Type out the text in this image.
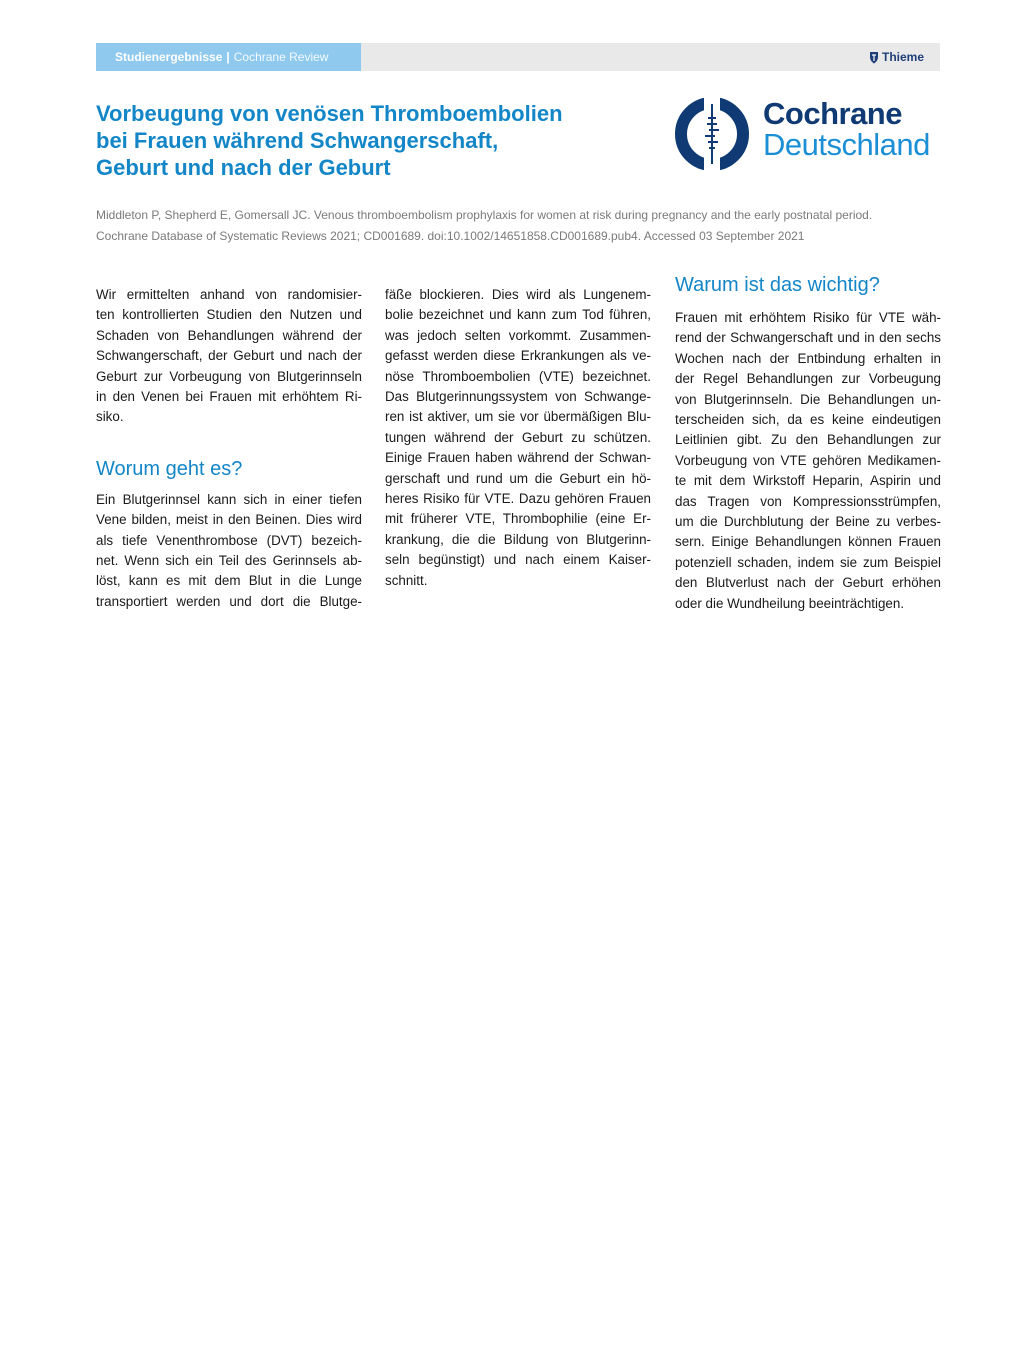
Studienergebnisse | Cochrane Review	Thieme
Vorbeugung von venösen Thromboembolien
bei Frauen während Schwangerschaft,
Geburt und nach der Geburt
Cochrane
Deutschland
Middleton P, Shepherd E, Gomersall JC. Venous thromboembolism prophylaxis for women at risk during pregnancy and the early postnatal period.
Cochrane Database of Systematic Reviews 2021; CD001689. doi:10.1002/14651858.CD001689.pub4. Accessed 03 September 2021
Wir ermittelten anhand von randomisier-
ten kontrollierten Studien den Nutzen und
Schaden von Behandlungen während der
Schwangerschaft, der Geburt und nach der
Geburt zur Vorbeugung von Blutgerinnseln
in den Venen bei Frauen mit erhöhtem Ri-
siko.
Worum geht es?
Ein Blutgerinnsel kann sich in einer tiefen
Vene bilden, meist in den Beinen. Dies wird
als tiefe Venenthrombose (DVT) bezeich-
net. Wenn sich ein Teil des Gerinnsels ab-
löst, kann es mit dem Blut in die Lunge
transportiert werden und dort die Blutge-
fäße blockieren. Dies wird als Lungenem-
bolie bezeichnet und kann zum Tod führen,
was jedoch selten vorkommt. Zusammen-
gefasst werden diese Erkrankungen als ve-
nöse Thromboembolien (VTE) bezeichnet.
Das Blutgerinnungssystem von Schwange-
ren ist aktiver, um sie vor übermäßigen Blu-
tungen während der Geburt zu schützen.
Einige Frauen haben während der Schwan-
gerschaft und rund um die Geburt ein hö-
heres Risiko für VTE. Dazu gehören Frauen
mit früherer VTE, Thrombophilie (eine Er-
krankung, die die Bildung von Blutgerinn-
seln begünstigt) und nach einem Kaiser-
schnitt.
Warum ist das wichtig?
Frauen mit erhöhtem Risiko für VTE wäh-
rend der Schwangerschaft und in den sechs
Wochen nach der Entbindung erhalten in
der Regel Behandlungen zur Vorbeugung
von Blutgerinnseln. Die Behandlungen un-
terscheiden sich, da es keine eindeutigen
Leitlinien gibt. Zu den Behandlungen zur
Vorbeugung von VTE gehören Medikamen-
te mit dem Wirkstoff Heparin, Aspirin und
das Tragen von Kompressionsstrümpfen,
um die Durchblutung der Beine zu verbes-
sern. Einige Behandlungen können Frauen
potenziell schaden, indem sie zum Beispiel
den Blutverlust nach der Geburt erhöhen
oder die Wundheilung beeinträchtigen.
